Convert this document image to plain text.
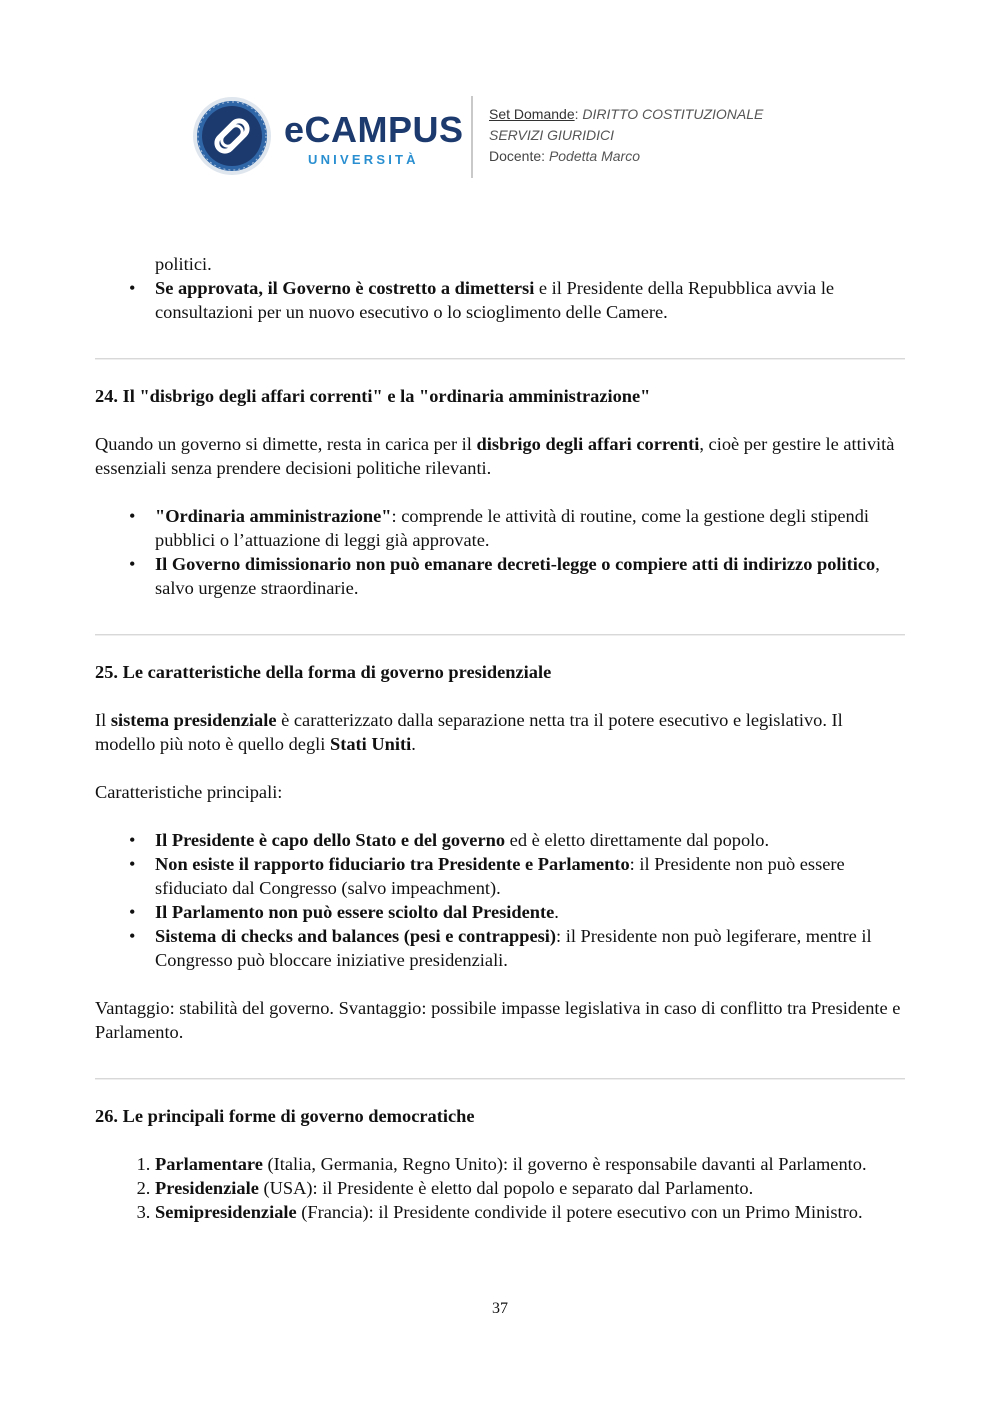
eCAMPUS
UNIVERSITÀ
Set Domande: DIRITTO COSTITUZIONALE
SERVIZI GIURIDICI
Docente: Podetta Marco
politici.
• Se approvata, il Governo è costretto a dimettersi e il Presidente della Repubblica avvia le consultazioni per un nuovo esecutivo o lo scioglimento delle Camere.
24. Il "disbrigo degli affari correnti" e la "ordinaria amministrazione"

Quando un governo si dimette, resta in carica per il disbrigo degli affari correnti, cioè per gestire le attività essenziali senza prendere decisioni politiche rilevanti.

• "Ordinaria amministrazione": comprende le attività di routine, come la gestione degli stipendi pubblici o l’attuazione di leggi già approvate.
• Il Governo dimissionario non può emanare decreti-legge o compiere atti di indirizzo politico, salvo urgenze straordinarie.
25. Le caratteristiche della forma di governo presidenziale

Il sistema presidenziale è caratterizzato dalla separazione netta tra il potere esecutivo e legislativo. Il modello più noto è quello degli Stati Uniti.

Caratteristiche principali:

• Il Presidente è capo dello Stato e del governo ed è eletto direttamente dal popolo.
• Non esiste il rapporto fiduciario tra Presidente e Parlamento: il Presidente non può essere sfiduciato dal Congresso (salvo impeachment).
• Il Parlamento non può essere sciolto dal Presidente.
• Sistema di checks and balances (pesi e contrappesi): il Presidente non può legiferare, mentre il Congresso può bloccare iniziative presidenziali.

Vantaggio: stabilità del governo. Svantaggio: possibile impasse legislativa in caso di conflitto tra Presidente e Parlamento.

26. Le principali forme di governo democratiche
1. Parlamentare (Italia, Germania, Regno Unito): il governo è responsabile davanti al Parlamento.
2. Presidenziale (USA): il Presidente è eletto dal popolo e separato dal Parlamento.
3. Semipresidenziale (Francia): il Presidente condivide il potere esecutivo con un Primo Ministro.
37
